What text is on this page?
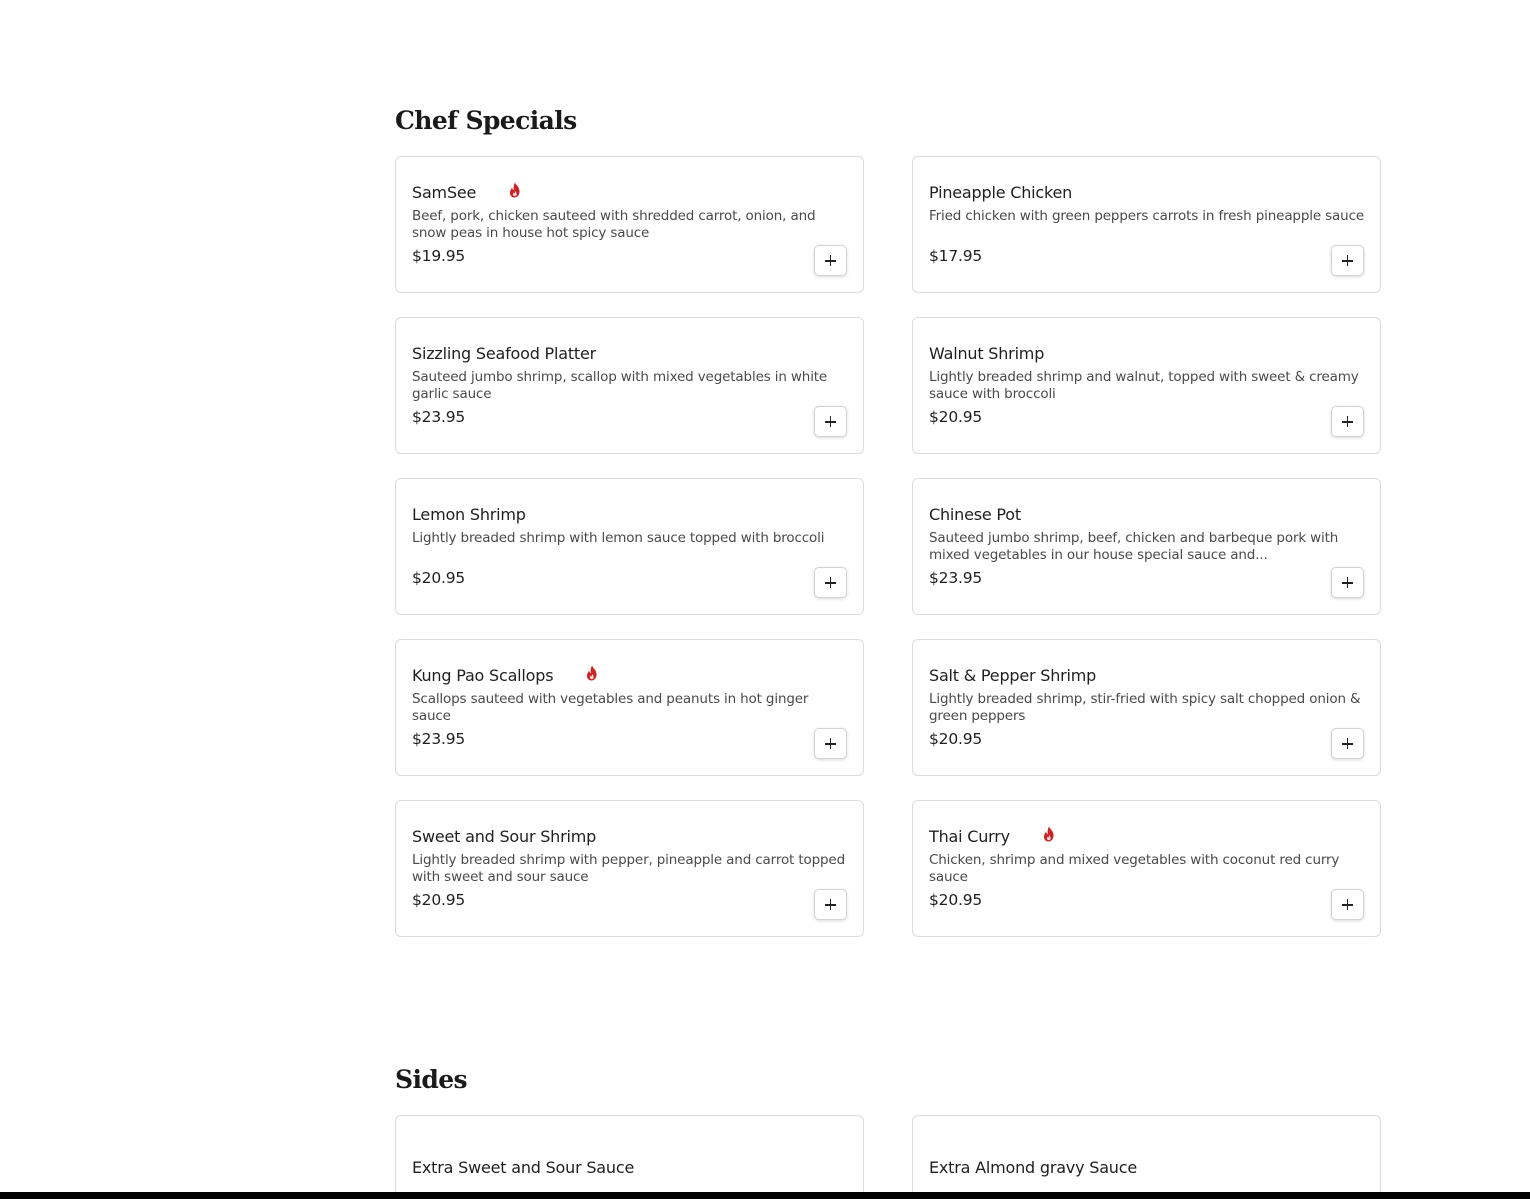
Chef Specials
SamSee
Beef, pork, chicken sauteed with shredded carrot, onion, and snow peas in house hot spicy sauce
$19.95
Pineapple Chicken
Fried chicken with green peppers carrots in fresh pineapple sauce
$17.95
Sizzling Seafood Platter
Sauteed jumbo shrimp, scallop with mixed vegetables in white garlic sauce
$23.95
Walnut Shrimp
Lightly breaded shrimp and walnut, topped with sweet & creamy sauce with broccoli
$20.95
Lemon Shrimp
Lightly breaded shrimp with lemon sauce topped with broccoli
$20.95
Chinese Pot
Sauteed jumbo shrimp, beef, chicken and barbeque pork with mixed vegetables in our house special sauce and...
$23.95
Kung Pao Scallops
Scallops sauteed with vegetables and peanuts in hot ginger sauce
$23.95
Salt & Pepper Shrimp
Lightly breaded shrimp, stir-fried with spicy salt chopped onion & green peppers
$20.95
Sweet and Sour Shrimp
Lightly breaded shrimp with pepper, pineapple and carrot topped with sweet and sour sauce
$20.95
Thai Curry
Chicken, shrimp and mixed vegetables with coconut red curry sauce
$20.95
Sides
Extra Sweet and Sour Sauce	Extra Almond gravy Sauce
